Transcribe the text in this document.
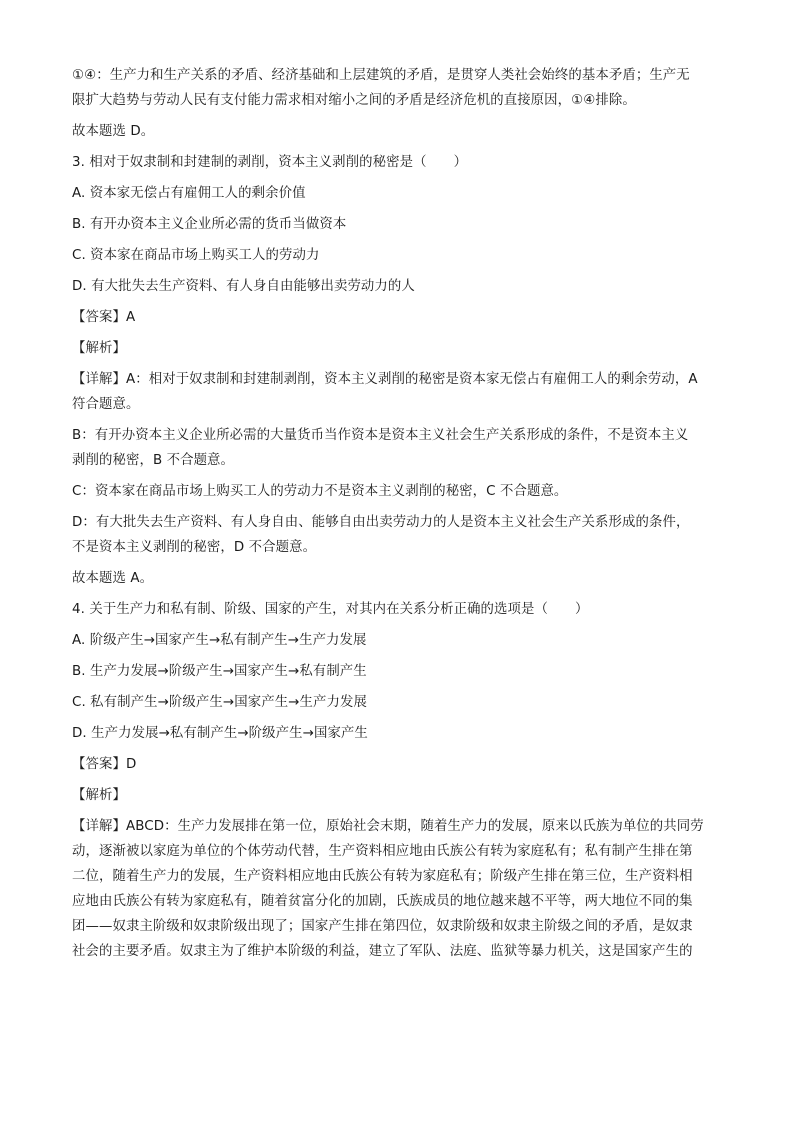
①④：生产力和生产关系的矛盾、经济基础和上层建筑的矛盾，是贯穿人类社会始终的基本矛盾；生产无

限扩大趋势与劳动人民有支付能力需求相对缩小之间的矛盾是经济危机的直接原因，①④排除。

故本题选 D。

3. 相对于奴隶制和封建制的剥削，资本主义剥削的秘密是（　　）

A. 资本家无偿占有雇佣工人的剩余价值

B. 有开办资本主义企业所必需的货币当做资本

C. 资本家在商品市场上购买工人的劳动力

D. 有大批失去生产资料、有人身自由能够出卖劳动力的人

【答案】A

【解析】

【详解】A：相对于奴隶制和封建制剥削，资本主义剥削的秘密是资本家无偿占有雇佣工人的剩余劳动，A

符合题意。

B：有开办资本主义企业所必需的大量货币当作资本是资本主义社会生产关系形成的条件，不是资本主义

剥削的秘密，B 不合题意。

C：资本家在商品市场上购买工人的劳动力不是资本主义剥削的秘密，C 不合题意。

D：有大批失去生产资料、有人身自由、能够自由出卖劳动力的人是资本主义社会生产关系形成的条件，

不是资本主义剥削的秘密，D 不合题意。

故本题选 A。

4. 关于生产力和私有制、阶级、国家的产生，对其内在关系分析正确的选项是（　　）

A. 阶级产生→国家产生→私有制产生→生产力发展

B. 生产力发展→阶级产生→国家产生→私有制产生

C. 私有制产生→阶级产生→国家产生→生产力发展

D. 生产力发展→私有制产生→阶级产生→国家产生

【答案】D

【解析】

【详解】ABCD：生产力发展排在第一位，原始社会末期，随着生产力的发展，原来以氏族为单位的共同劳

动，逐渐被以家庭为单位的个体劳动代替，生产资料相应地由氏族公有转为家庭私有；私有制产生排在第

二位，随着生产力的发展，生产资料相应地由氏族公有转为家庭私有；阶级产生排在第三位，生产资料相

应地由氏族公有转为家庭私有，随着贫富分化的加剧，氏族成员的地位越来越不平等，两大地位不同的集

团——奴隶主阶级和奴隶阶级出现了；国家产生排在第四位，奴隶阶级和奴隶主阶级之间的矛盾，是奴隶

社会的主要矛盾。奴隶主为了维护本阶级的利益，建立了军队、法庭、监狱等暴力机关，这是国家产生的
